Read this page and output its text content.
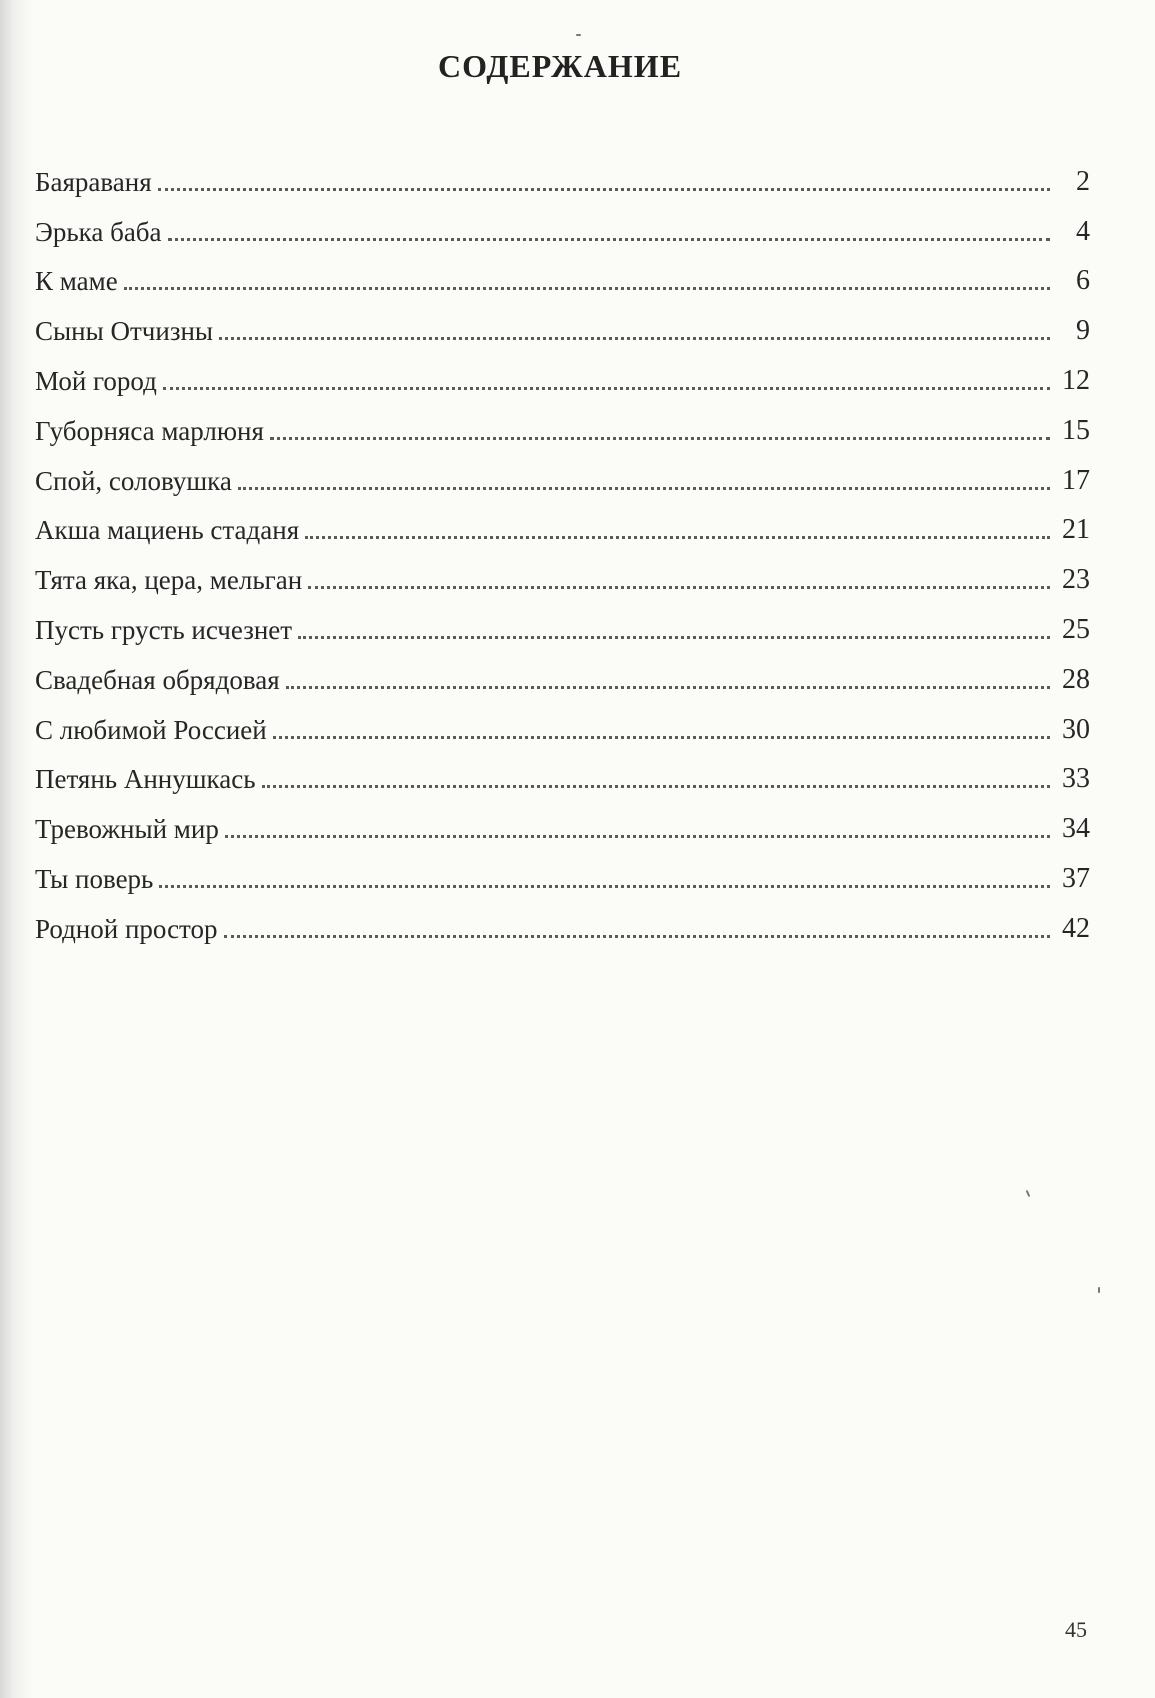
СОДЕРЖАНИЕ
Баяраваня	2
Эрька баба	4
К маме	6
Сыны Отчизны	9
Мой город	12
Губорняса марлюня	15
Спой, соловушка	17
Акша мациень стаданя	21
Тята яка, цера, мельган	23
Пусть грусть исчезнет	25
Свадебная обрядовая	28
С любимой Россией	30
Петянь Аннушкась	33
Тревожный мир	34
Ты поверь	37
Родной простор	42
45
